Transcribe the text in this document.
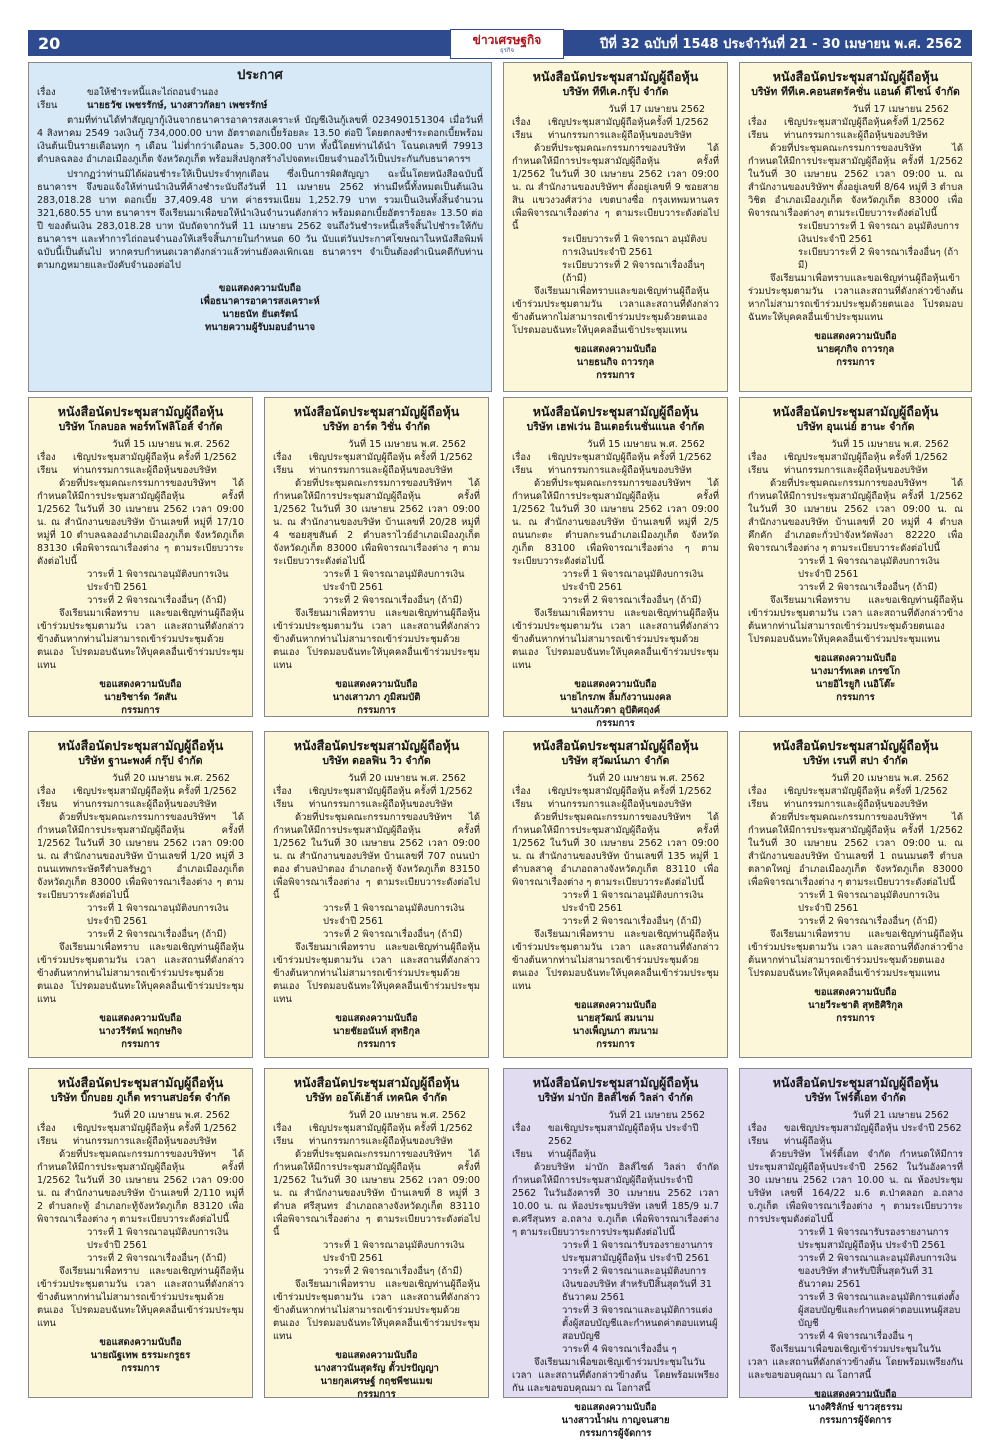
20	ปีที่ 32 ฉบับที่ 1548 ประจำวันที่ 21 - 30 เมษายน พ.ศ. 2562
ข่าวเศรษฐกิจ
ธุรกิจ
ประกาศ
เรื่อง	ขอให้ชำระหนี้และไถ่ถอนจำนอง
เรียน	นายธวัช เพชรรักษ์, นางสาวกัลยา เพชรรักษ์

ตามที่ท่านได้ทำสัญญากู้เงินจากธนาคารอาคารสงเคราะห์ บัญชีเงินกู้เลขที่ 023490151304 เมื่อวันที่ 4 สิงหาคม 2549 วงเงินกู้ 734,000.00 บาท อัตราดอกเบี้ยร้อยละ 13.50 ต่อปี โดยตกลงชำระดอกเบี้ยพร้อมเงินต้นเป็นรายเดือนทุก ๆ เดือน ไม่ต่ำกว่าเดือนละ 5,300.00 บาท ทั้งนี้โดยท่านได้นำ โฉนดเลขที่ 79913 ตำบลฉลอง อำเภอเมืองภูเก็ต จังหวัดภูเก็ต พร้อมสิ่งปลูกสร้างไปจดทะเบียนจำนองไว้เป็นประกันกับธนาคารฯ

ปรากฏว่าท่านมิได้ผ่อนชำระให้เป็นประจำทุกเดือน ซึ่งเป็นการผิดสัญญา ฉะนั้นโดยหนังสือฉบับนี้ ธนาคารฯ จึงขอแจ้งให้ท่านนำเงินที่ค้างชำระนับถึงวันที่ 11 เมษายน 2562 ท่านมีหนี้ทั้งหมดเป็นต้นเงิน 283,018.28 บาท ดอกเบี้ย 37,409.48 บาท ค่าธรรมเนียม 1,252.79 บาท รวมเป็นเงินทั้งสิ้นจำนวน 321,680.55 บาท ธนาคารฯ จึงเรียนมาเพื่อขอให้นำเงินจำนวนดังกล่าว พร้อมดอกเบี้ยอัตราร้อยละ 13.50 ต่อปี ของต้นเงิน 283,018.28 บาท นับถัดจากวันที่ 11 เมษายน 2562 จนถึงวันชำระหนี้เสร็จสิ้นไปชำระให้กับธนาคารฯ และทำการไถ่ถอนจำนองให้เสร็จสิ้นภายในกำหนด 60 วัน นับแต่วันประกาศโฆษณาในหนังสือพิมพ์ฉบับนี้เป็นต้นไป หากครบกำหนดเวลาดังกล่าวแล้วท่านยังคงเพิกเฉย ธนาคารฯ จำเป็นต้องดำเนินคดีกับท่านตามกฎหมายและบังคับจำนองต่อไป

ขอแสดงความนับถือ
เพื่อธนาคารอาคารสงเคราะห์
นายธนัท ยันตรัตน์
ทนายความผู้รับมอบอำนาจ
หนังสือนัดประชุมสามัญผู้ถือหุ้น
บริษัท ทีทีเค.กรุ๊ป จำกัด
วันที่ 17 เมษายน 2562
เรื่อง	เชิญประชุมสามัญผู้ถือหุ้นครั้งที่ 1/2562
เรียน	ท่านกรรมการและผู้ถือหุ้นของบริษัท
ด้วยที่ประชุมคณะกรรมการของบริษัท ได้กำหนดให้มีการประชุมสามัญผู้ถือหุ้น ครั้งที่ 1/2562 ในวันที่ 30 เมษายน 2562 เวลา 09:00 น. ณ สำนักงานของบริษัทฯ ตั้งอยู่เลขที่ 9 ซอยสายสิน แขวงวงศ์สว่าง เขตบางซื่อ กรุงเทพมหานคร เพื่อพิจารณาเรื่องต่าง ๆ ตามระเบียบวาระดังต่อไปนี้
ระเบียบวาระที่ 1 พิจารณา อนุมัติงบการเงินประจำปี 2561
ระเบียบวาระที่ 2 พิจารณาเรื่องอื่นๆ (ถ้ามี)
จึงเรียนมาเพื่อทราบและขอเชิญท่านผู้ถือหุ้นเข้าร่วมประชุมตามวัน เวลาและสถานที่ดังกล่าวข้างต้นหากไม่สามารถเข้าร่วมประชุมด้วยตนเอง โปรดมอบฉันทะให้บุคคลอื่นเข้าประชุมแทน
ขอแสดงความนับถือ
นายธนกิจ ถาวรกุล
กรรมการ
หนังสือนัดประชุมสามัญผู้ถือหุ้น
บริษัท ทีทีเค.คอนสตรัคชั่น แอนด์ ดีไซน์ จำกัด
วันที่ 17 เมษายน 2562
เรื่อง	เชิญประชุมสามัญผู้ถือหุ้นครั้งที่ 1/2562
เรียน	ท่านกรรมการและผู้ถือหุ้นของบริษัท
ด้วยที่ประชุมคณะกรรมการของบริษัท ได้กำหนดให้มีการประชุมสามัญผู้ถือหุ้น ครั้งที่ 1/2562 ในวันที่ 30 เมษายน 2562 เวลา 09:00 น. ณ สำนักงานของบริษัทฯ ตั้งอยู่เลขที่ 8/64 หมู่ที่ 3 ตำบลวิชิต อำเภอเมืองภูเก็ต จังหวัดภูเก็ต 83000 เพื่อพิจารณาเรื่องต่างๆ ตามระเบียบวาระดังต่อไปนี้
ระเบียบวาระที่ 1 พิจารณา อนุมัติงบการเงินประจำปี 2561
ระเบียบวาระที่ 2 พิจารณาเรื่องอื่นๆ (ถ้ามี)
จึงเรียนมาเพื่อทราบและขอเชิญท่านผู้ถือหุ้นเข้าร่วมประชุมตามวัน เวลาและสถานที่ดังกล่าวข้างต้นหากไม่สามารถเข้าร่วมประชุมด้วยตนเอง โปรดมอบฉันทะให้บุคคลอื่นเข้าประชุมแทน
ขอแสดงความนับถือ
นายศุภกิจ ถาวรกุล
กรรมการ
หนังสือนัดประชุมสามัญผู้ถือหุ้น
บริษัท โกลบอล พอร์ทโฟลิโอส์ จำกัด
วันที่ 15 เมษายน พ.ศ. 2562
เรื่อง	เชิญประชุมสามัญผู้ถือหุ้น ครั้งที่ 1/2562
เรียน	ท่านกรรมการและผู้ถือหุ้นของบริษัท
ด้วยที่ประชุมคณะกรรมการของบริษัทฯ ได้กำหนดให้มีการประชุมสามัญผู้ถือหุ้น ครั้งที่ 1/2562 ในวันที่ 30 เมษายน 2562 เวลา 09:00 น. ณ สำนักงานของบริษัท บ้านเลขที่ หมู่ที่ 17/10 หมู่ที่ 10 ตำบลฉลองอำเภอเมืองภูเก็ต จังหวัดภูเก็ต 83130 เพื่อพิจารณาเรื่องต่าง ๆ ตามระเบียบวาระดังต่อไปนี้
วาระที่ 1 พิจารณาอนุมัติงบการเงินประจำปี 2561
วาระที่ 2 พิจารณาเรื่องอื่นๆ (ถ้ามี)
จึงเรียนมาเพื่อทราบ และขอเชิญท่านผู้ถือหุ้นเข้าร่วมประชุมตามวัน เวลา และสถานที่ดังกล่าวข้างต้นหากท่านไม่สามารถเข้าร่วมประชุมด้วยตนเอง โปรดมอบฉันทะให้บุคคลอื่นเข้าร่วมประชุมแทน
ขอแสดงความนับถือ
นายริชาร์ด วัตสัน
กรรมการ
หนังสือนัดประชุมสามัญผู้ถือหุ้น
บริษัท อาร์ต วิชั่น จำกัด
วันที่ 15 เมษายน พ.ศ. 2562
เรื่อง	เชิญประชุมสามัญผู้ถือหุ้น ครั้งที่ 1/2562
เรียน	ท่านกรรมการและผู้ถือหุ้นของบริษัท
ด้วยที่ประชุมคณะกรรมการของบริษัทฯ ได้กำหนดให้มีการประชุมสามัญผู้ถือหุ้น ครั้งที่ 1/2562 ในวันที่ 30 เมษายน 2562 เวลา 09:00 น. ณ สำนักงานของบริษัท บ้านเลขที่ 20/28 หมู่ที่ 4 ซอยสุขสันต์ 2 ตำบลราไวย์อำเภอเมืองภูเก็ต จังหวัดภูเก็ต 83000 เพื่อพิจารณาเรื่องต่าง ๆ ตามระเบียบวาระดังต่อไปนี้
วาระที่ 1 พิจารณาอนุมัติงบการเงินประจำปี 2561
วาระที่ 2 พิจารณาเรื่องอื่นๆ (ถ้ามี)
จึงเรียนมาเพื่อทราบ และขอเชิญท่านผู้ถือหุ้นเข้าร่วมประชุมตามวัน เวลา และสถานที่ดังกล่าวข้างต้นหากท่านไม่สามารถเข้าร่วมประชุมด้วยตนเอง โปรดมอบฉันทะให้บุคคลอื่นเข้าร่วมประชุมแทน
ขอแสดงความนับถือ
นางเสาวภา ภูมิสมบัติ
กรรมการ
หนังสือนัดประชุมสามัญผู้ถือหุ้น
บริษัท เฮฟเว่น อินเตอร์เนชั่นแนล จำกัด
วันที่ 15 เมษายน พ.ศ. 2562
เรื่อง	เชิญประชุมสามัญผู้ถือหุ้น ครั้งที่ 1/2562
เรียน	ท่านกรรมการและผู้ถือหุ้นของบริษัท
ด้วยที่ประชุมคณะกรรมการของบริษัทฯ ได้กำหนดให้มีการประชุมสามัญผู้ถือหุ้น ครั้งที่ 1/2562 ในวันที่ 30 เมษายน 2562 เวลา 09:00 น. ณ สำนักงานของบริษัท บ้านเลขที่ หมู่ที่ 2/5 ถนนกะตะ ตำบลกะรนอำเภอเมืองภูเก็ต จังหวัดภูเก็ต 83100 เพื่อพิจารณาเรื่องต่าง ๆ ตามระเบียบวาระดังต่อไปนี้
วาระที่ 1 พิจารณาอนุมัติงบการเงินประจำปี 2561
วาระที่ 2 พิจารณาเรื่องอื่นๆ (ถ้ามี)
จึงเรียนมาเพื่อทราบ และขอเชิญท่านผู้ถือหุ้นเข้าร่วมประชุมตามวัน เวลา และสถานที่ดังกล่าวข้างต้นหากท่านไม่สามารถเข้าร่วมประชุมด้วยตนเอง โปรดมอบฉันทะให้บุคคลอื่นเข้าร่วมประชุมแทน
ขอแสดงความนับถือ
นายไกรภพ ลิ้มกังวานมงคล
นางแก้วตา อุปัติศฤงค์
กรรมการ
หนังสือนัดประชุมสามัญผู้ถือหุ้น
บริษัท อุนเน่ย์ ฮานะ จำกัด
วันที่ 15 เมษายน พ.ศ. 2562
เรื่อง	เชิญประชุมสามัญผู้ถือหุ้น ครั้งที่ 1/2562
เรียน	ท่านกรรมการและผู้ถือหุ้นของบริษัท
ด้วยที่ประชุมคณะกรรมการของบริษัทฯ ได้กำหนดให้มีการประชุมสามัญผู้ถือหุ้น ครั้งที่ 1/2562 ในวันที่ 30 เมษายน 2562 เวลา 09:00 น. ณ สำนักงานของบริษัท บ้านเลขที่ 20 หมู่ที่ 4 ตำบลคึกคัก อำเภอตะกั่วป่าจังหวัดพังงา 82220 เพื่อพิจารณาเรื่องต่าง ๆ ตามระเบียบวาระดังต่อไปนี้
วาระที่ 1 พิจารณาอนุมัติงบการเงินประจำปี 2561
วาระที่ 2 พิจารณาเรื่องอื่นๆ (ถ้ามี)
จึงเรียนมาเพื่อทราบ และขอเชิญท่านผู้ถือหุ้นเข้าร่วมประชุมตามวัน เวลา และสถานที่ดังกล่าวข้างต้นหากท่านไม่สามารถเข้าร่วมประชุมด้วยตนเอง โปรดมอบฉันทะให้บุคคลอื่นเข้าร่วมประชุมแทน
ขอแสดงความนับถือ
นางมาร์ทเลต เกรซโก
นายอิไรยูกิ เนอิโต๊ะ
กรรมการ
หนังสือนัดประชุมสามัญผู้ถือหุ้น
บริษัท ฐานะพงศ์ กรุ๊ป จำกัด
วันที่ 20 เมษายน พ.ศ. 2562
เรื่อง	เชิญประชุมสามัญผู้ถือหุ้น ครั้งที่ 1/2562
เรียน	ท่านกรรมการและผู้ถือหุ้นของบริษัท
ด้วยที่ประชุมคณะกรรมการของบริษัทฯ ได้กำหนดให้มีการประชุมสามัญผู้ถือหุ้น ครั้งที่ 1/2562 ในวันที่ 30 เมษายน 2562 เวลา 09:00 น. ณ สำนักงานของบริษัท บ้านเลขที่ 1/20 หมู่ที่ 3 ถนนเทพกระษัตรีตำบลรัษฎา อำเภอเมืองภูเก็ต จังหวัดภูเก็ต 83000 เพื่อพิจารณาเรื่องต่าง ๆ ตามระเบียบวาระดังต่อไปนี้
วาระที่ 1 พิจารณาอนุมัติงบการเงินประจำปี 2561
วาระที่ 2 พิจารณาเรื่องอื่นๆ (ถ้ามี)
จึงเรียนมาเพื่อทราบ และขอเชิญท่านผู้ถือหุ้นเข้าร่วมประชุมตามวัน เวลา และสถานที่ดังกล่าวข้างต้นหากท่านไม่สามารถเข้าร่วมประชุมด้วยตนเอง โปรดมอบฉันทะให้บุคคลอื่นเข้าร่วมประชุมแทน
ขอแสดงความนับถือ
นางวรีรัตน์ พฤกษกิจ
กรรมการ
หนังสือนัดประชุมสามัญผู้ถือหุ้น
บริษัท ดอลฟิน วิว จำกัด
วันที่ 20 เมษายน พ.ศ. 2562
เรื่อง	เชิญประชุมสามัญผู้ถือหุ้น ครั้งที่ 1/2562
เรียน	ท่านกรรมการและผู้ถือหุ้นของบริษัท
ด้วยที่ประชุมคณะกรรมการของบริษัทฯ ได้กำหนดให้มีการประชุมสามัญผู้ถือหุ้น ครั้งที่ 1/2562 ในวันที่ 30 เมษายน 2562 เวลา 09:00 น. ณ สำนักงานของบริษัท บ้านเลขที่ 707 ถนนป่าตอง ตำบลป่าตอง อำเภอกะทู้ จังหวัดภูเก็ต 83150 เพื่อพิจารณาเรื่องต่าง ๆ ตามระเบียบวาระดังต่อไปนี้
วาระที่ 1 พิจารณาอนุมัติงบการเงินประจำปี 2561
วาระที่ 2 พิจารณาเรื่องอื่นๆ (ถ้ามี)
จึงเรียนมาเพื่อทราบ และขอเชิญท่านผู้ถือหุ้นเข้าร่วมประชุมตามวัน เวลา และสถานที่ดังกล่าวข้างต้นหากท่านไม่สามารถเข้าร่วมประชุมด้วยตนเอง โปรดมอบฉันทะให้บุคคลอื่นเข้าร่วมประชุมแทน
ขอแสดงความนับถือ
นายชัยอนันท์ สุทธิกุล
กรรมการ
หนังสือนัดประชุมสามัญผู้ถือหุ้น
บริษัท สุวัฒน์นภา จำกัด
วันที่ 20 เมษายน พ.ศ. 2562
เรื่อง	เชิญประชุมสามัญผู้ถือหุ้น ครั้งที่ 1/2562
เรียน	ท่านกรรมการและผู้ถือหุ้นของบริษัท
ด้วยที่ประชุมคณะกรรมการของบริษัทฯ ได้กำหนดให้มีการประชุมสามัญผู้ถือหุ้น ครั้งที่ 1/2562 ในวันที่ 30 เมษายน 2562 เวลา 09:00 น. ณ สำนักงานของบริษัท บ้านเลขที่ 135 หมู่ที่ 1 ตำบลสาคู อำเภอถลางจังหวัดภูเก็ต 83110 เพื่อพิจารณาเรื่องต่าง ๆ ตามระเบียบวาระดังต่อไปนี้
วาระที่ 1 พิจารณาอนุมัติงบการเงินประจำปี 2561
วาระที่ 2 พิจารณาเรื่องอื่นๆ (ถ้ามี)
จึงเรียนมาเพื่อทราบ และขอเชิญท่านผู้ถือหุ้นเข้าร่วมประชุมตามวัน เวลา และสถานที่ดังกล่าวข้างต้นหากท่านไม่สามารถเข้าร่วมประชุมด้วยตนเอง โปรดมอบฉันทะให้บุคคลอื่นเข้าร่วมประชุมแทน
ขอแสดงความนับถือ
นายสุวัฒน์ สมนาม
นางเพ็ญนภา สมนาม
กรรมการ
หนังสือนัดประชุมสามัญผู้ถือหุ้น
บริษัท เรนที สปา จำกัด
วันที่ 20 เมษายน พ.ศ. 2562
เรื่อง	เชิญประชุมสามัญผู้ถือหุ้น ครั้งที่ 1/2562
เรียน	ท่านกรรมการและผู้ถือหุ้นของบริษัท
ด้วยที่ประชุมคณะกรรมการของบริษัทฯ ได้กำหนดให้มีการประชุมสามัญผู้ถือหุ้น ครั้งที่ 1/2562 ในวันที่ 30 เมษายน 2562 เวลา 09:00 น. ณ สำนักงานของบริษัท บ้านเลขที่ 1 ถนนมนตรี ตำบลตลาดใหญ่ อำเภอเมืองภูเก็ต จังหวัดภูเก็ต 83000 เพื่อพิจารณาเรื่องต่าง ๆ ตามระเบียบวาระดังต่อไปนี้
วาระที่ 1 พิจารณาอนุมัติงบการเงินประจำปี 2561
วาระที่ 2 พิจารณาเรื่องอื่นๆ (ถ้ามี)
จึงเรียนมาเพื่อทราบ และขอเชิญท่านผู้ถือหุ้นเข้าร่วมประชุมตามวัน เวลา และสถานที่ดังกล่าวข้างต้นหากท่านไม่สามารถเข้าร่วมประชุมด้วยตนเอง โปรดมอบฉันทะให้บุคคลอื่นเข้าร่วมประชุมแทน
ขอแสดงความนับถือ
นายวีระชาติ สุทธิศิริกุล
กรรมการ
หนังสือนัดประชุมสามัญผู้ถือหุ้น
บริษัท บิ๊กบอย ภูเก็ต ทรานสปอร์ต จำกัด
วันที่ 20 เมษายน พ.ศ. 2562
เรื่อง	เชิญประชุมสามัญผู้ถือหุ้น ครั้งที่ 1/2562
เรียน	ท่านกรรมการและผู้ถือหุ้นของบริษัท
ด้วยที่ประชุมคณะกรรมการของบริษัทฯ ได้กำหนดให้มีการประชุมสามัญผู้ถือหุ้น ครั้งที่ 1/2562 ในวันที่ 30 เมษายน 2562 เวลา 09:00 น. ณ สำนักงานของบริษัท บ้านเลขที่ 2/110 หมู่ที่ 2 ตำบลกะทู้ อำเภอกะทู้จังหวัดภูเก็ต 83120 เพื่อพิจารณาเรื่องต่าง ๆ ตามระเบียบวาระดังต่อไปนี้
วาระที่ 1 พิจารณาอนุมัติงบการเงินประจำปี 2561
วาระที่ 2 พิจารณาเรื่องอื่นๆ (ถ้ามี)
จึงเรียนมาเพื่อทราบ และขอเชิญท่านผู้ถือหุ้นเข้าร่วมประชุมตามวัน เวลา และสถานที่ดังกล่าวข้างต้นหากท่านไม่สามารถเข้าร่วมประชุมด้วยตนเอง โปรดมอบฉันทะให้บุคคลอื่นเข้าร่วมประชุมแทน
ขอแสดงความนับถือ
นายณัฐเทพ ธรรมะกรูธร
กรรมการ
หนังสือนัดประชุมสามัญผู้ถือหุ้น
บริษัท ออโต้เฮ้าส์ เทคนิค จำกัด
วันที่ 20 เมษายน พ.ศ. 2562
เรื่อง	เชิญประชุมสามัญผู้ถือหุ้น ครั้งที่ 1/2562
เรียน	ท่านกรรมการและผู้ถือหุ้นของบริษัท
ด้วยที่ประชุมคณะกรรมการของบริษัทฯ ได้กำหนดให้มีการประชุมสามัญผู้ถือหุ้น ครั้งที่ 1/2562 ในวันที่ 30 เมษายน 2562 เวลา 09:00 น. ณ สำนักงานของบริษัท บ้านเลขที่ 8 หมู่ที่ 3 ตำบล ศรีสุนทร อำเภอถลางจังหวัดภูเก็ต 83110 เพื่อพิจารณาเรื่องต่าง ๆ ตามระเบียบวาระดังต่อไปนี้
วาระที่ 1 พิจารณาอนุมัติงบการเงินประจำปี 2561
วาระที่ 2 พิจารณาเรื่องอื่นๆ (ถ้ามี)
จึงเรียนมาเพื่อทราบ และขอเชิญท่านผู้ถือหุ้นเข้าร่วมประชุมตามวัน เวลา และสถานที่ดังกล่าวข้างต้นหากท่านไม่สามารถเข้าร่วมประชุมด้วยตนเอง โปรดมอบฉันทะให้บุคคลอื่นเข้าร่วมประชุมแทน
ขอแสดงความนับถือ
นางสาวนันสุดรัญ ตั้วปรปัญญา
นายกุลเศรษฐ์ กฤชพีชนเมฆ
กรรมการ
หนังสือนัดประชุมสามัญผู้ถือหุ้น
บริษัท ม่าบัก ฮิลส์ไซด์ วิลล่า จำกัด
วันที่ 21 เมษายน 2562
เรื่อง	ขอเชิญประชุมสามัญผู้ถือหุ้น ประจำปี 2562
เรียน	ท่านผู้ถือหุ้น
ด้วยบริษัท ม่าบัก ฮิลส์ไซด์ วิลล่า จำกัด กำหนดให้มีการประชุมสามัญผู้ถือหุ้นประจำปี 2562 ในวันอังคารที่ 30 เมษายน 2562 เวลา 10.00 น. ณ ห้องประชุมบริษัท เลขที่ 185/9 ม.7 ต.ศรีสุนทร อ.ถลาง จ.ภูเก็ต เพื่อพิจารณาเรื่องต่าง ๆ ตามระเบียบวาระการประชุมดังต่อไปนี้
วาระที่ 1 พิจารณารับรองรายงานการประชุมสามัญผู้ถือหุ้น ประจำปี 2561
วาระที่ 2 พิจารณาและอนุมัติงบการเงินของบริษัท สำหรับปีสิ้นสุดวันที่ 31 ธันวาคม 2561
วาระที่ 3 พิจารณาและอนุมัติการแต่งตั้งผู้สอบบัญชีและกำหนดค่าตอบแทนผู้สอบบัญชี
วาระที่ 4 พิจารณาเรื่องอื่น ๆ
จึงเรียนมาเพื่อขอเชิญเข้าร่วมประชุมในวัน เวลา และสถานที่ดังกล่าวข้างต้น โดยพร้อมเพรียงกัน และขอขอบคุณมา ณ โอกาสนี้
ขอแสดงความนับถือ
นางสาวน้ำฝน กาญจนสาย
กรรมการผู้จัดการ
หนังสือนัดประชุมสามัญผู้ถือหุ้น
บริษัท โฟร์ตี้เอท จำกัด
วันที่ 21 เมษายน 2562
เรื่อง	ขอเชิญประชุมสามัญผู้ถือหุ้น ประจำปี 2562
เรียน	ท่านผู้ถือหุ้น
ด้วยบริษัท โฟร์ตี้เอท จำกัด กำหนดให้มีการประชุมสามัญผู้ถือหุ้นประจำปี 2562 ในวันอังคารที่ 30 เมษายน 2562 เวลา 10.00 น. ณ ห้องประชุมบริษัท เลขที่ 164/22 ม.6 ต.ป่าคลอก อ.ถลาง จ.ภูเก็ต เพื่อพิจารณาเรื่องต่าง ๆ ตามระเบียบวาระการประชุมดังต่อไปนี้
วาระที่ 1 พิจารณารับรองรายงานการประชุมสามัญผู้ถือหุ้น ประจำปี 2561
วาระที่ 2 พิจารณาและอนุมัติงบการเงินของบริษัท สำหรับปีสิ้นสุดวันที่ 31 ธันวาคม 2561
วาระที่ 3 พิจารณาและอนุมัติการแต่งตั้งผู้สอบบัญชีและกำหนดค่าตอบแทนผู้สอบบัญชี
วาระที่ 4 พิจารณาเรื่องอื่น ๆ
จึงเรียนมาเพื่อขอเชิญเข้าร่วมประชุมในวัน เวลา และสถานที่ดังกล่าวข้างต้น โดยพร้อมเพรียงกัน และขอขอบคุณมา ณ โอกาสนี้
ขอแสดงความนับถือ
นางศิริลักษ์ ขาวสุธรรม
กรรมการผู้จัดการ
